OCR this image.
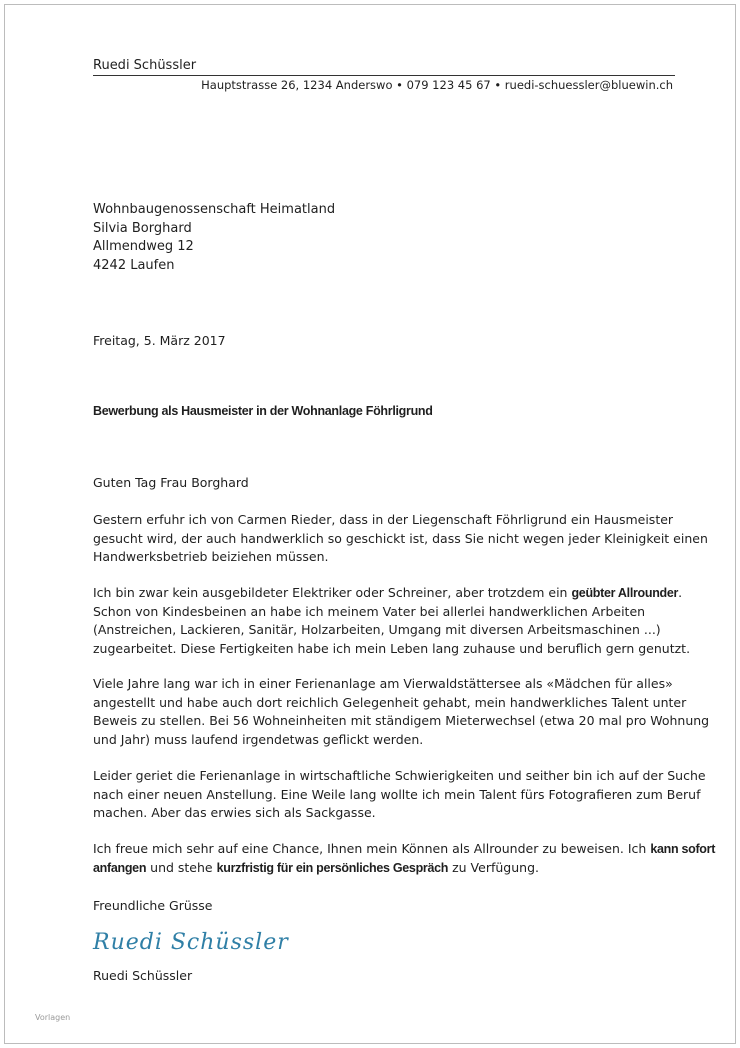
Ruedi Schüssler
Hauptstrasse 26, 1234 Anderswo • 079 123 45 67 • ruedi-schuessler@bluewin.ch
Wohnbaugenossenschaft Heimatland
Silvia Borghard
Allmendweg 12
4242 Laufen
Freitag, 5. März 2017
Bewerbung als Hausmeister in der Wohnanlage Föhrligrund
Guten Tag Frau Borghard
Gestern erfuhr ich von Carmen Rieder, dass in der Liegenschaft Föhrligrund ein Hausmeister
gesucht wird, der auch handwerklich so geschickt ist, dass Sie nicht wegen jeder Kleinigkeit einen
Handwerksbetrieb beiziehen müssen.
Ich bin zwar kein ausgebildeter Elektriker oder Schreiner, aber trotzdem ein geübter Allrounder.
Schon von Kindesbeinen an habe ich meinem Vater bei allerlei handwerklichen Arbeiten
(Anstreichen, Lackieren, Sanitär, Holzarbeiten, Umgang mit diversen Arbeitsmaschinen ...)
zugearbeitet. Diese Fertigkeiten habe ich mein Leben lang zuhause und beruflich gern genutzt.
Viele Jahre lang war ich in einer Ferienanlage am Vierwaldstättersee als «Mädchen für alles»
angestellt und habe auch dort reichlich Gelegenheit gehabt, mein handwerkliches Talent unter
Beweis zu stellen. Bei 56 Wohneinheiten mit ständigem Mieterwechsel (etwa 20 mal pro Wohnung
und Jahr) muss laufend irgendetwas geflickt werden.
Leider geriet die Ferienanlage in wirtschaftliche Schwierigkeiten und seither bin ich auf der Suche
nach einer neuen Anstellung. Eine Weile lang wollte ich mein Talent fürs Fotografieren zum Beruf
machen. Aber das erwies sich als Sackgasse.
Ich freue mich sehr auf eine Chance, Ihnen mein Können als Allrounder zu beweisen. Ich kann sofort
anfangen und stehe kurzfristig für ein persönliches Gespräch zu Verfügung.
Freundliche Grüsse
Ruedi Schüssler
Ruedi Schüssler
Vorlagen
